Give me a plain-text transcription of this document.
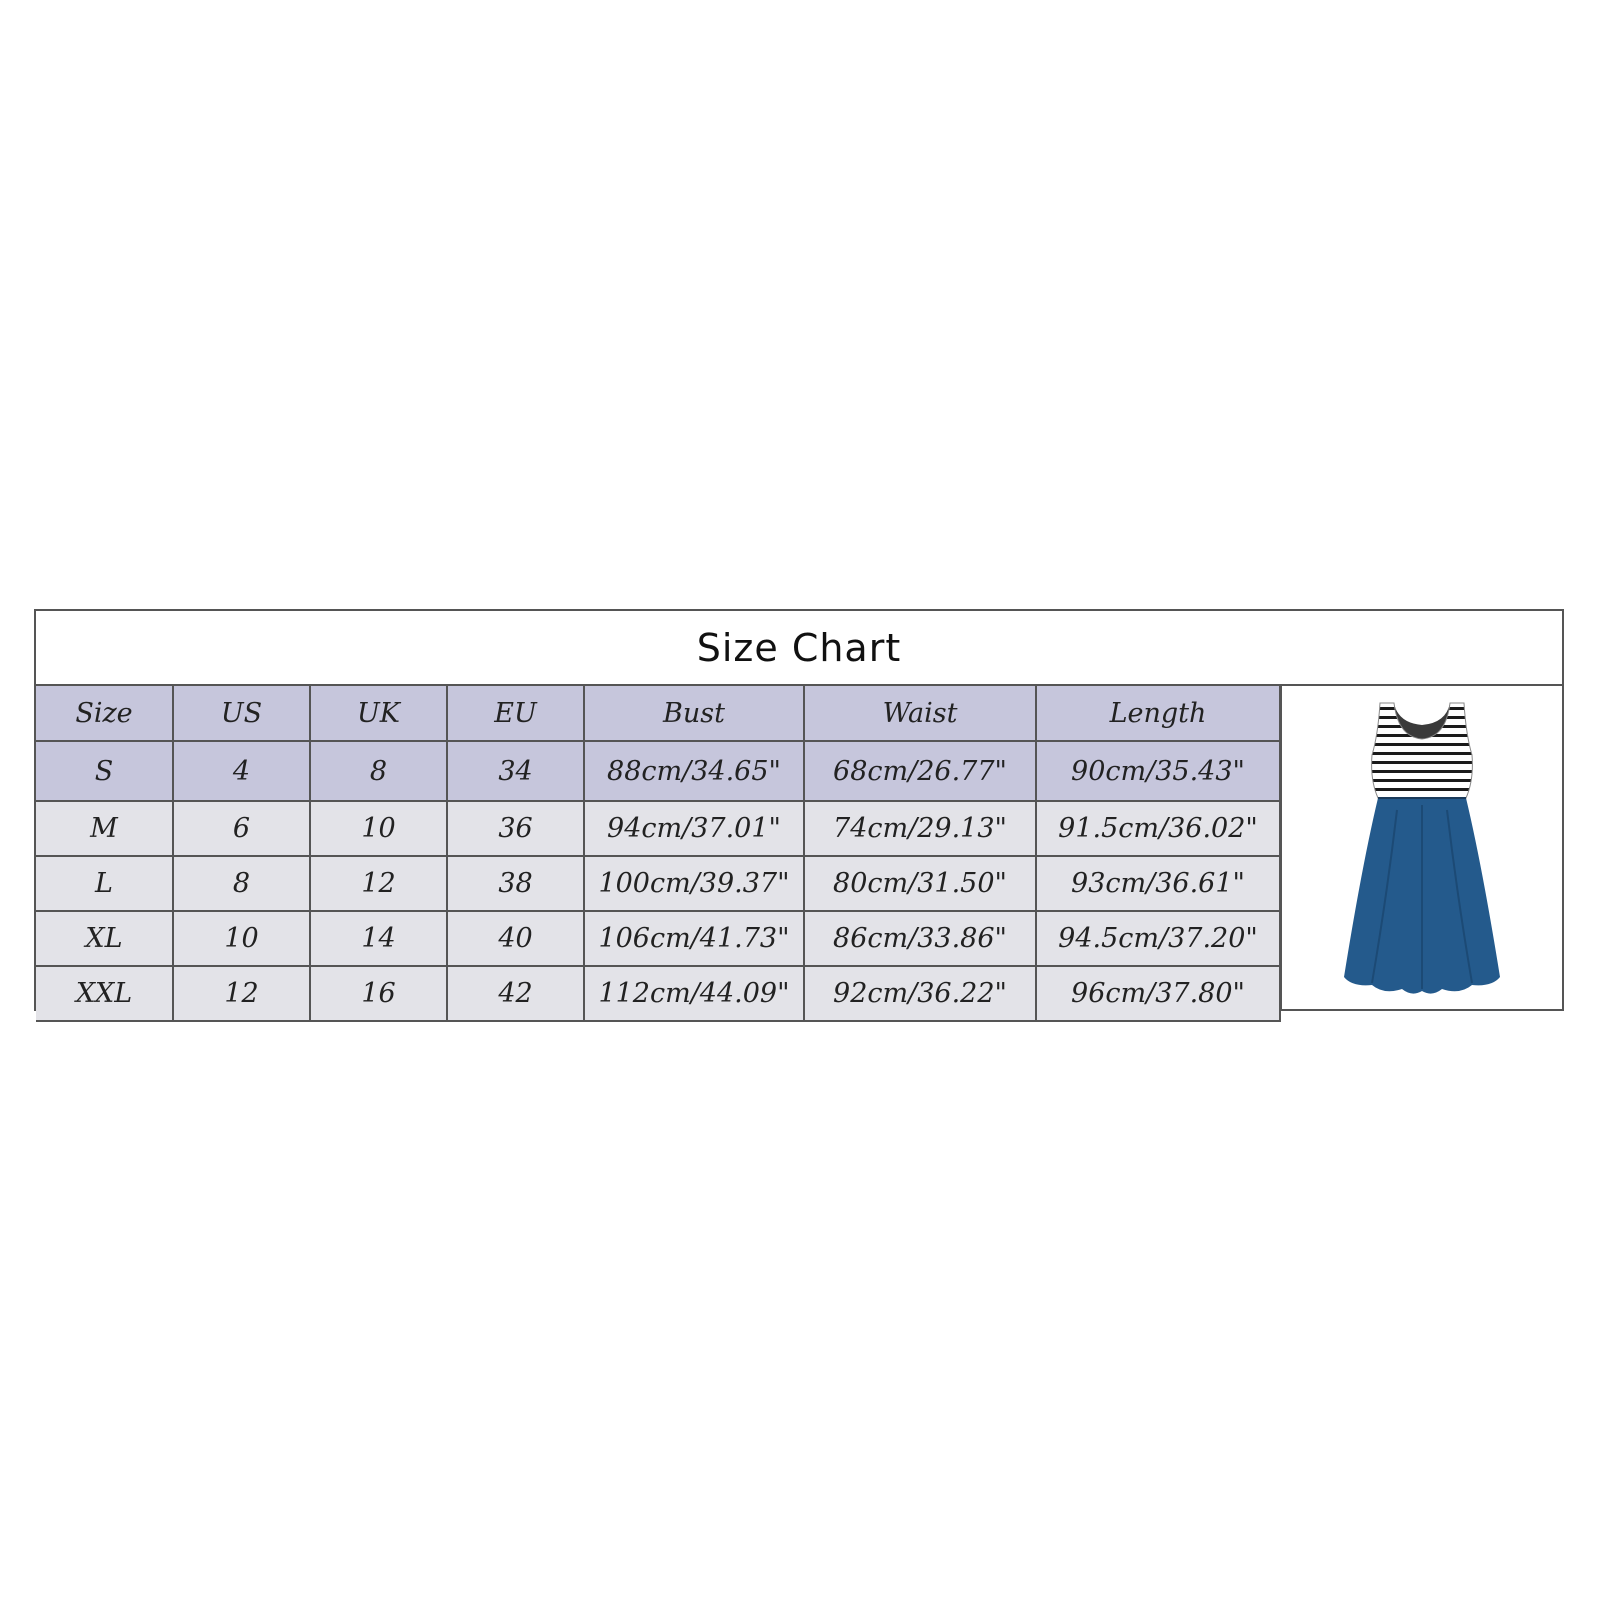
Size Chart
Size	US	UK	EU	Bust	Waist	Length
S	4	8	34	88cm/34.65"	68cm/26.77"	90cm/35.43"
M	6	10	36	94cm/37.01"	74cm/29.13"	91.5cm/36.02"
L	8	12	38	100cm/39.37"	80cm/31.50"	93cm/36.61"
XL	10	14	40	106cm/41.73"	86cm/33.86"	94.5cm/37.20"
XXL	12	16	42	112cm/44.09"	92cm/36.22"	96cm/37.80"
